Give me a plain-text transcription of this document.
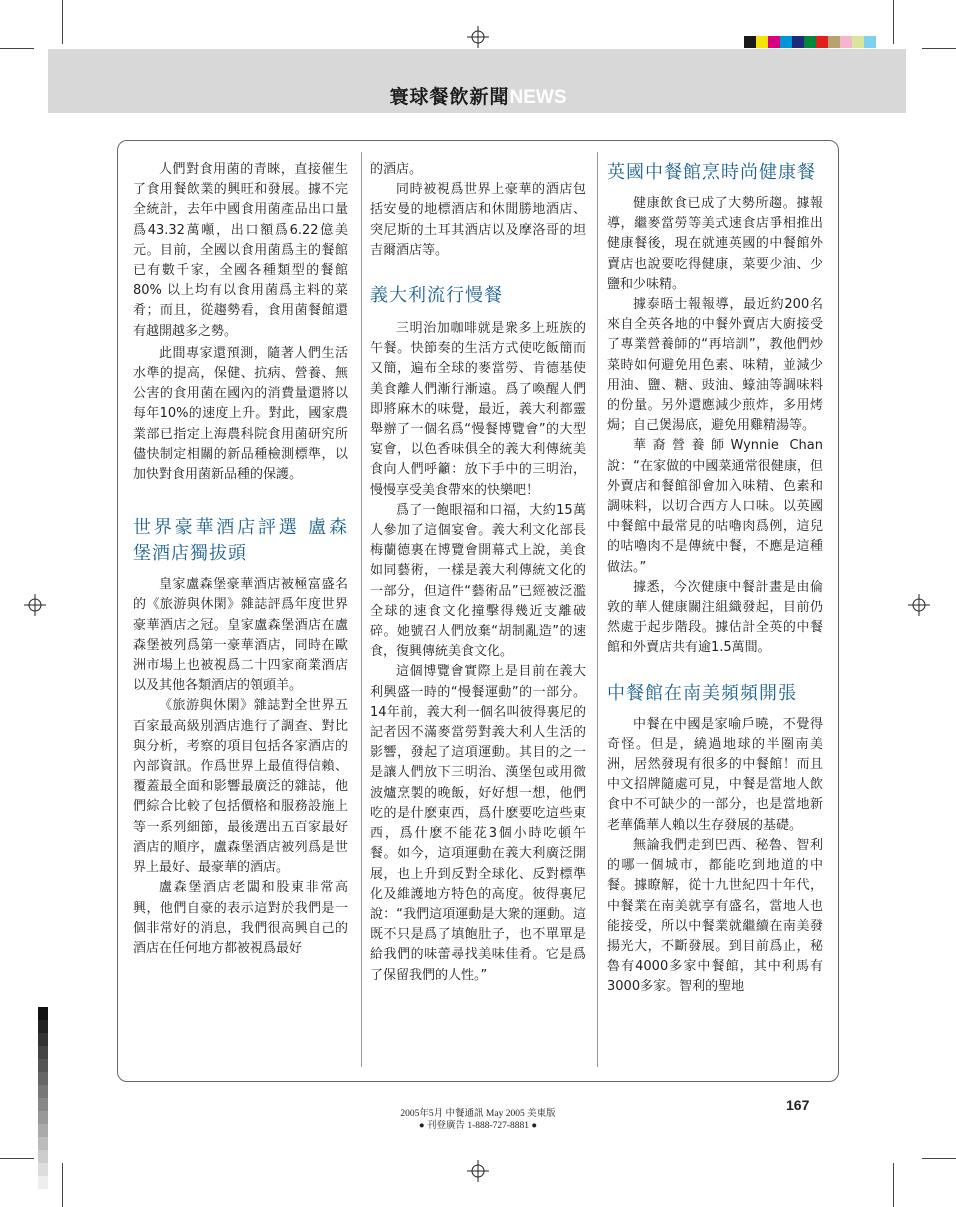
寰球餐飲新聞NEWS

人們對食用菌的青睞，直接催生了食用餐飲業的興旺和發展。據不完全統計，去年中國食用菌產品出口量爲43.32萬噸，出口額爲6.22億美元。目前，全國以食用菌爲主的餐館已有數千家，全國各種類型的餐館 80% 以上均有以食用菌爲主料的菜肴；而且，從趨勢看，食用菌餐館還有越開越多之勢。

此間專家還預測，隨著人們生活水準的提高，保健、抗病、營養、無公害的食用菌在國內的消費量還將以每年10%的速度上升。對此，國家農業部已指定上海農科院食用菌研究所儘快制定相關的新品種檢測標準，以加快對食用菌新品種的保護。

世界豪華酒店評選 盧森堡酒店獨拔頭

皇家盧森堡豪華酒店被極富盛名的《旅游與休閑》雜誌評爲年度世界豪華酒店之冠。皇家盧森堡酒店在盧森堡被列爲第一豪華酒店，同時在歐洲市場上也被視爲二十四家商業酒店以及其他各類酒店的領頭羊。

《旅游與休閑》雜誌對全世界五百家最高級別酒店進行了調查、對比與分析，考察的項目包括各家酒店的內部資訊。作爲世界上最值得信賴、覆蓋最全面和影響最廣泛的雜誌，他們綜合比較了包括價格和服務設施上等一系列細節，最後選出五百家最好酒店的順序，盧森堡酒店被列爲是世界上最好、最豪華的酒店。

盧森堡酒店老闆和股東非常高興，他們自豪的表示這對於我們是一個非常好的消息，我們很高興自己的酒店在任何地方都被視爲最好

的酒店。

同時被視爲世界上豪華的酒店包括安曼的地標酒店和休閒勝地酒店、突尼斯的土耳其酒店以及摩洛哥的坦吉爾酒店等。

義大利流行慢餐

三明治加咖啡就是衆多上班族的午餐。快節奏的生活方式使吃飯簡而又簡，遍布全球的麥當勞、肯德基使美食離人們漸行漸遠。爲了喚醒人們即將麻木的味覺，最近，義大利都靈舉辦了一個名爲“慢餐博覽會”的大型宴會，以色香味俱全的義大利傳統美食向人們呼籲：放下手中的三明治，慢慢享受美食帶來的快樂吧！

爲了一飽眼福和口福，大約15萬人參加了這個宴會。義大利文化部長梅蘭德裏在博覽會開幕式上說，美食如同藝術，一樣是義大利傳統文化的一部分，但這件“藝術品”已經被泛濫全球的速食文化撞擊得幾近支離破碎。她號召人們放棄“胡制亂造”的速食，復興傳統美食文化。

這個博覽會實際上是目前在義大利興盛一時的“慢餐運動”的一部分。14年前，義大利一個名叫彼得裏尼的記者因不滿麥當勞對義大利人生活的影響，發起了這項運動。其目的之一是讓人們放下三明治、漢堡包或用微波爐烹製的晚飯，好好想一想，他們吃的是什麽東西，爲什麽要吃這些東西，爲什麽不能花3個小時吃頓午餐。如今，這項運動在義大利廣泛開展，也上升到反對全球化、反對標準化及維護地方特色的高度。彼得裏尼說：“我們這項運動是大衆的運動。這既不只是爲了填飽肚子，也不單單是給我們的味蕾尋找美味佳肴。它是爲了保留我們的人性。”

英國中餐館烹時尚健康餐

健康飲食已成了大勢所趨。據報導，繼麥當勞等美式速食店爭相推出健康餐後，現在就連英國的中餐館外賣店也說要吃得健康，菜要少油、少鹽和少味精。

據泰晤士報報導，最近約200名來自全英各地的中餐外賣店大廚接受了專業營養師的“再培訓”，教他們炒菜時如何避免用色素、味精，並減少用油、鹽、糖、豉油、蠔油等調味料的份量。另外還應減少煎炸，多用烤焗；自己煲湯底，避免用雞精湯等。

華裔營養師Wynnie Chan說：“在家做的中國菜通常很健康，但外賣店和餐館卻會加入味精、色素和調味料，以切合西方人口味。以英國中餐館中最常見的咕嚕肉爲例，這兒的咕嚕肉不是傳統中餐，不應是這種做法。”

據悉，今次健康中餐計畫是由倫敦的華人健康關注組織發起，目前仍然處于起步階段。據估計全英的中餐館和外賣店共有逾1.5萬間。

中餐館在南美頻頻開張

中餐在中國是家喻戶曉，不覺得奇怪。但是，繞過地球的半圈南美洲，居然發現有很多的中餐館！而且中文招牌隨處可見，中餐是當地人飲食中不可缺少的一部分，也是當地新老華僑華人賴以生存發展的基礎。

無論我們走到巴西、秘魯、智利的哪一個城市，都能吃到地道的中餐。據瞭解，從十九世紀四十年代，中餐業在南美就享有盛名，當地人也能接受，所以中餐業就繼續在南美發揚光大，不斷發展。到目前爲止，秘魯有4000多家中餐館，其中利馬有3000多家。智利的聖地

2005年5月 中餐通訊 May 2005 美東版
● 刊登廣告 1-888-727-8881 ●
167
